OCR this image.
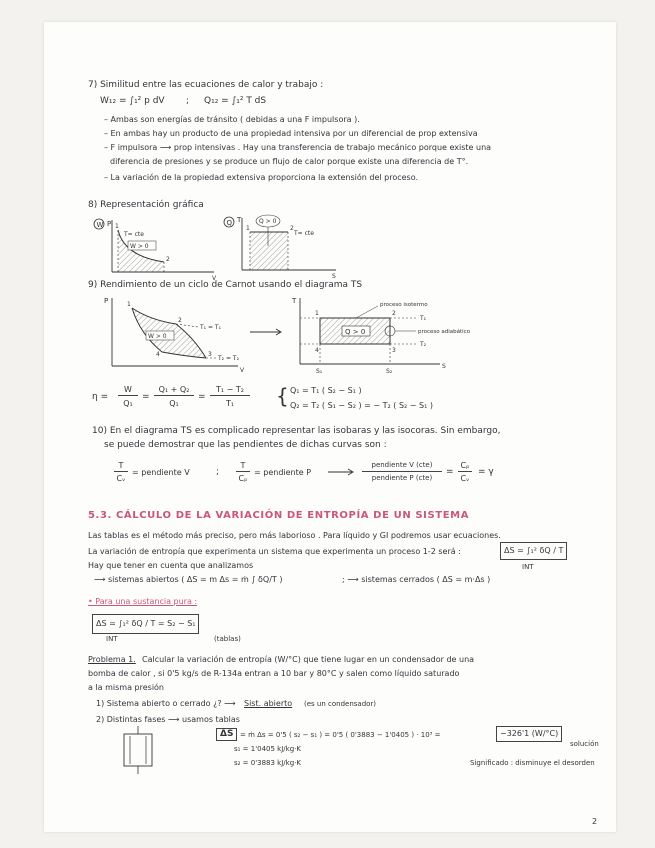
7) Similitud entre las ecuaciones de calor y trabajo :
W₁₂ = ∫₁² p dV ; Q₁₂ = ∫₁² T dS
– Ambas son energías de tránsito ( debidas a una F impulsora ).
– En ambas hay un producto de una propiedad intensiva por un diferencial de prop extensiva
– F impulsora ⟶ prop intensivas . Hay una transferencia de trabajo mecánico porque existe una
diferencia de presiones y se produce un flujo de calor porque existe una diferencia de T°.
– La variación de la propiedad extensiva proporciona la extensión del proceso.
8) Representación gráfica
W P 1
2
T= cte
W > 0
V
Q T
1	2
T= cte
Q > 0
S
9) Rendimiento de un ciclo de Carnot usando el diagrama TS
P	1
2
3
4
W > 0
T₁ = T₁
T₂ = T₂
V
T
1	2
3
4
Q > 0
proceso isotermo
proceso adiabático
T₁
T₂
S₁	S₂
S
η =
W
Q₁
=
Q₁ + Q₂
Q₁
=
T₁ − T₂
T₁	{ Q₁ = T₁ ( S₂ − S₁ )
Q₂ = T₂ ( S₁ − S₂ ) = − T₂ ( S₂ − S₁ )
10) En el diagrama TS es complicado representar las isobaras y las isocoras. Sin embargo,
se puede demostrar que las pendientes de dichas curvas son :
T
Cᵥ
= pendiente V	;
T
Cₚ
= pendiente P
pendiente V (cte)
pendiente P (cte)
=
Cₚ
Cᵥ
= γ
5.3. CÁLCULO DE LA VARIACIÓN DE ENTROPÍA DE UN SISTEMA
Las tablas es el método más preciso, pero más laborioso . Para líquido y GI podremos usar ecuaciones.
La variación de entropía que experimenta un sistema que experimenta un proceso 1-2 será :	ΔS = ∫₁² δQ / T
INT
Hay que tener en cuenta que analizamos
⟶ sistemas abiertos ( ΔS = m Δs = ṁ ∫ δQ/T )	; ⟶ sistemas cerrados ( ΔS = m·Δs )
• Para una sustancia pura :
ΔS = ∫₁² δQ / T = S₂ − S₁
INT	(tablas)
Problema 1. Calcular la variación de entropía (W/°C) que tiene lugar en un condensador de una
bomba de calor , si 0'5 kg/s de R-134a entran a 10 bar y 80°C y salen como líquido saturado
a la misma presión
1) Sistema abierto o cerrado ¿? ⟶ Sist. abierto (es un condensador)
2) Distintas fases ⟶ usamos tablas
ΔS = ṁ Δs = 0'5 ( s₂ − s₁ ) = 0'5 ( 0'3883 − 1'0405 ) · 10³ =	−326'1 (W/°C)
solución
s₁ = 1'0405 kJ/kg·K
s₂ = 0'3883 kJ/kg·K	Significado : disminuye el desorden
2
